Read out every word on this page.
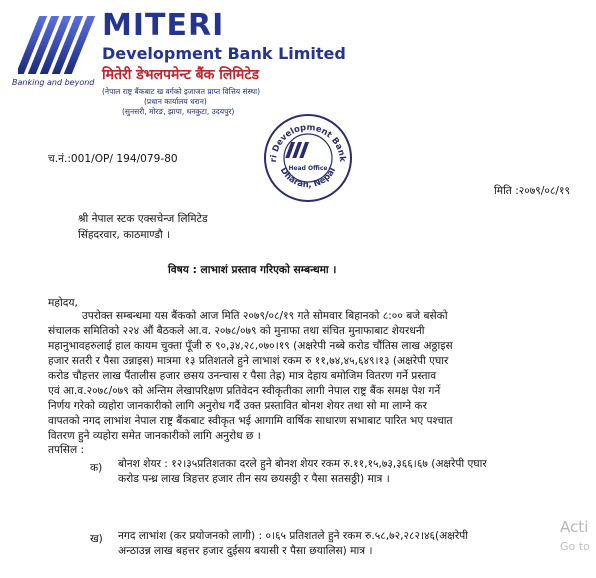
Banking and beyond
MITERI
Development Bank Limited
मितेरी डेभलपमेन्ट बैंक लिमिटेड
(नेपाल राष्ट्र बैंकबाट ख वर्गको इजाजत प्राप्त वित्तिय संस्था)
(प्रधान कार्यालय धरान)
(सुनसरी, मोरङ, झापा, धनकुटा, उदयपुर)
ri Development Bank
Dharan, Nepal
Head Office
च.नं.:001/OP/ 194/079-80
मिति :२०७९/०८/१९
श्री नेपाल स्टक एक्सचेन्ज लिमिटेड
सिंहदरवार, काठमाण्डौ ।
विषय : लाभाशं प्रस्ताव गरिएको सम्बन्धमा ।
महोदय,
उपरोक्त सम्बन्धमा यस बैंकको आज मिति २०७९/०८/१९ गते सोमवार बिहानको ८:०० बजे बसेको
संचालक समितिको २२४ औं बैठकले आ.व. २०७८/०७९ को मुनाफा तथा संचित मुनाफाबाट शेयरधनी
महानुभावहरुलाई हाल कायम चुक्ता पूँजी रु ९०,३४,२८,०७०।१९ (अक्षरेपी नब्बे करोड चौंतिस लाख अठ्ठाइस
हजार सतरी र पैसा उन्नाइस) मात्रमा १३ प्रतिशतले हुने लाभाशं रकम रु ११,७४,४५,६४९।१३ (अक्षरेपी एघार
करोड चौहत्तर लाख पैंतालीस हजार छसय उनन्चास र पैसा तेह्र) मात्र देहाय बमोजिम वितरण गर्ने प्रस्ताव
एवं आ.व.२०७८/०७९ को अन्तिम लेखापरिक्षण प्रतिवेदन स्वीकृतीका लागी नेपाल राष्ट्र बैंक समक्ष पेश गर्ने
निर्णय गरेको व्यहोरा जानकारीको लागि अनुरोध गर्दै उक्त प्रस्तावित बोनश शेयर तथा सो मा लाग्ने कर
वापतको नगद लाभांश नेपाल राष्ट्र बैंकबाट स्वीकृत भई आगामि वार्षिक साधारण सभाबाट पारित भए पश्चात
वितरण हुने व्यहोरा समेत जानकारीको लागि अनुरोध छ ।
तपसिल :
क) बोनश शेयर : १२।३५प्रतिशतका दरले हुने बोनश शेयर रकम रु.११,१५,७३,३६६।६७ (अक्षरेपी एघार
करोड पन्ध्र लाख त्रिहत्तर हजार तीन सय छयसठ्ठी र पैसा सतसठ्ठी) मात्र ।
ख) नगद लाभांश (कर प्रयोजनको लागी) : ०।६५ प्रतिशतले हुने रकम रु.५८,७२,२८२।४६(अक्षरेपी
अन्ठाउन्न लाख बहत्तर हजार दुईसय बयासी र पैसा छयालिस) मात्र ।
Acti
Go to
